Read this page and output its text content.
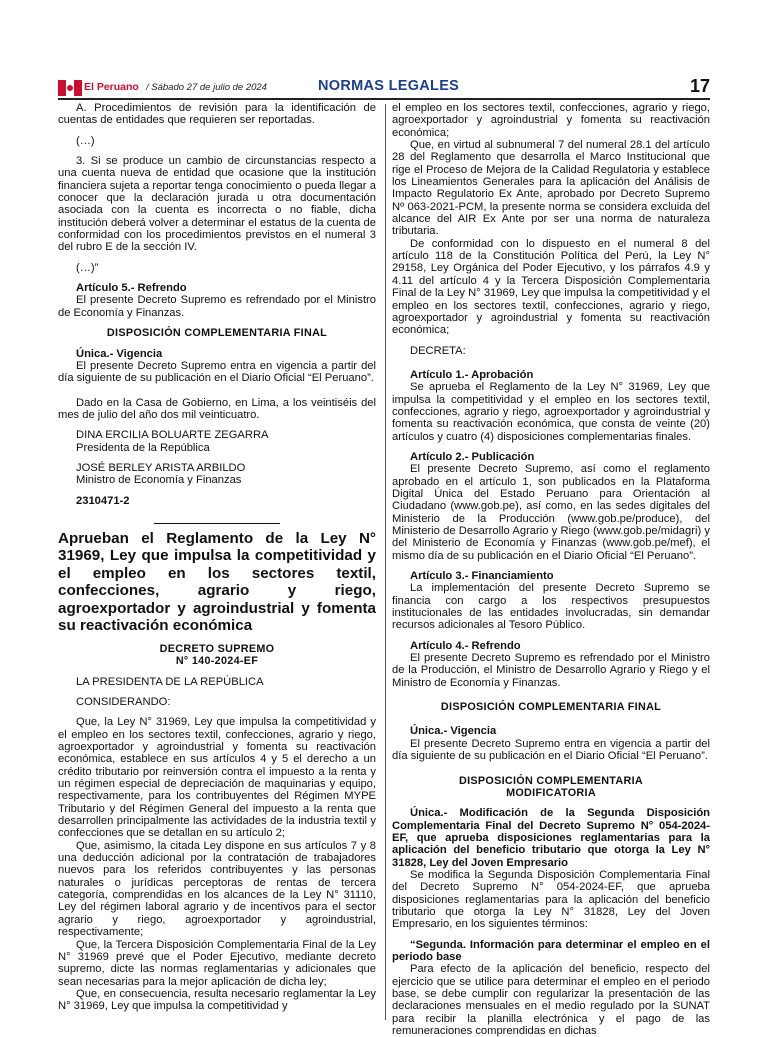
El Peruano / Sábado 27 de julio de 2024	NORMAS LEGALES	17

A. Procedimientos de revisión para la identificación de cuentas de entidades que requieren ser reportadas.

(…)

3. Si se produce un cambio de circunstancias respecto a una cuenta nueva de entidad que ocasione que la institución financiera sujeta a reportar tenga conocimiento o pueda llegar a conocer que la declaración jurada u otra documentación asociada con la cuenta es incorrecta o no fiable, dicha institución deberá volver a determinar el estatus de la cuenta de conformidad con los procedimientos previstos en el numeral 3 del rubro E de la sección IV.

(…)”

Artículo 5.- Refrendo

El presente Decreto Supremo es refrendado por el Ministro de Economía y Finanzas.

DISPOSICIÓN COMPLEMENTARIA FINAL

Única.- Vigencia

El presente Decreto Supremo entra en vigencia a partir del día siguiente de su publicación en el Diario Oficial “El Peruano”.

Dado en la Casa de Gobierno, en Lima, a los veintiséis del mes de julio del año dos mil veinticuatro.

DINA ERCILIA BOLUARTE ZEGARRA

Presidenta de la República

JOSÉ BERLEY ARISTA ARBILDO

Ministro de Economía y Finanzas

2310471-2

Aprueban el Reglamento de la Ley N° 31969, Ley que impulsa la competitividad y el empleo en los sectores textil, confecciones, agrario y riego, agroexportador y agroindustrial y fomenta su reactivación económica

DECRETO SUPREMO

N° 140-2024-EF

LA PRESIDENTA DE LA REPÚBLICA

CONSIDERANDO:

Que, la Ley N° 31969, Ley que impulsa la competitividad y el empleo en los sectores textil, confecciones, agrario y riego, agroexportador y agroindustrial y fomenta su reactivación económica, establece en sus artículos 4 y 5 el derecho a un crédito tributario por reinversión contra el impuesto a la renta y un régimen especial de depreciación de maquinarias y equipo, respectivamente, para los contribuyentes del Régimen MYPE Tributario y del Régimen General del impuesto a la renta que desarrollen principalmente las actividades de la industria textil y confecciones que se detallan en su artículo 2;

Que, asimismo, la citada Ley dispone en sus artículos 7 y 8 una deducción adicional por la contratación de trabajadores nuevos para los referidos contribuyentes y las personas naturales o jurídicas perceptoras de rentas de tercera categoría, comprendidas en los alcances de la Ley N° 31110, Ley del régimen laboral agrario y de incentivos para el sector agrario y riego, agroexportador y agroindustrial, respectivamente;

Que, la Tercera Disposición Complementaria Final de la Ley N° 31969 prevé que el Poder Ejecutivo, mediante decreto supremo, dicte las normas reglamentarias y adicionales que sean necesarias para la mejor aplicación de dicha ley;

Que, en consecuencia, resulta necesario reglamentar la Ley N° 31969, Ley que impulsa la competitividad y

el empleo en los sectores textil, confecciones, agrario y riego, agroexportador y agroindustrial y fomenta su reactivación económica;

Que, en virtud al subnumeral 7 del numeral 28.1 del artículo 28 del Reglamento que desarrolla el Marco Institucional que rige el Proceso de Mejora de la Calidad Regulatoria y establece los Lineamientos Generales para la aplicación del Análisis de Impacto Regulatorio Ex Ante, aprobado por Decreto Supremo Nº 063-2021-PCM, la presente norma se considera excluida del alcance del AIR Ex Ante por ser una norma de naturaleza tributaria.

De conformidad con lo dispuesto en el numeral 8 del artículo 118 de la Constitución Política del Perú, la Ley N° 29158, Ley Orgánica del Poder Ejecutivo, y los párrafos 4.9 y 4.11 del artículo 4 y la Tercera Disposición Complementaria Final de la Ley N° 31969, Ley que impulsa la competitividad y el empleo en los sectores textil, confecciones, agrario y riego, agroexportador y agroindustrial y fomenta su reactivación económica;

DECRETA:

Artículo 1.- Aprobación

Se aprueba el Reglamento de la Ley N° 31969, Ley que impulsa la competitividad y el empleo en los sectores textil, confecciones, agrario y riego, agroexportador y agroindustrial y fomenta su reactivación económica, que consta de veinte (20) artículos y cuatro (4) disposiciones complementarias finales.

Artículo 2.- Publicación

El presente Decreto Supremo, así como el reglamento aprobado en el artículo 1, son publicados en la Plataforma Digital Única del Estado Peruano para Orientación al Ciudadano (www.gob.pe), así como, en las sedes digitales del Ministerio de la Producción (www.gob.pe/produce), del Ministerio de Desarrollo Agrario y Riego (www.gob.pe/midagri) y del Ministerio de Economía y Finanzas (www.gob.pe/mef), el mismo día de su publicación en el Diario Oficial “El Peruano”.

Artículo 3.- Financiamiento

La implementación del presente Decreto Supremo se financia con cargo a los respectivos presupuestos institucionales de las entidades involucradas, sin demandar recursos adicionales al Tesoro Público.

Artículo 4.- Refrendo

El presente Decreto Supremo es refrendado por el Ministro de la Producción, el Ministro de Desarrollo Agrario y Riego y el Ministro de Economía y Finanzas.

DISPOSICIÓN COMPLEMENTARIA FINAL

Única.- Vigencia

El presente Decreto Supremo entra en vigencia a partir del día siguiente de su publicación en el Diario Oficial “El Peruano”.

DISPOSICIÓN COMPLEMENTARIA

MODIFICATORIA

Única.- Modificación de la Segunda Disposición Complementaria Final del Decreto Supremo N° 054-2024-EF, que aprueba disposiciones reglamentarias para la aplicación del beneficio tributario que otorga la Ley N° 31828, Ley del Joven Empresario

Se modifica la Segunda Disposición Complementaria Final del Decreto Supremo N° 054-2024-EF, que aprueba disposiciones reglamentarias para la aplicación del beneficio tributario que otorga la Ley N° 31828, Ley del Joven Empresario, en los siguientes términos:

“Segunda. Información para determinar el empleo en el periodo base

Para efecto de la aplicación del beneficio, respecto del ejercicio que se utilice para determinar el empleo en el periodo base, se debe cumplir con regularizar la presentación de las declaraciones mensuales en el medio regulado por la SUNAT para recibir la planilla electrónica y el pago de las remuneraciones comprendidas en dichas
